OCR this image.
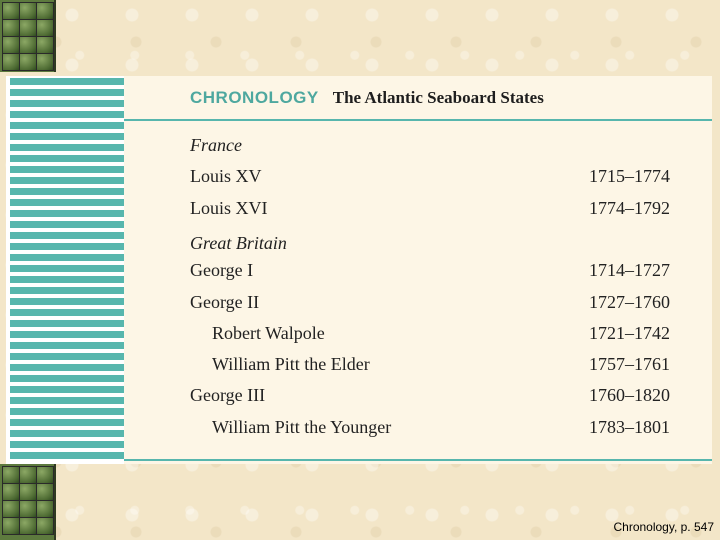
CHRONOLOGY The Atlantic Seaboard States
France
Louis XV	1715–1774
Louis XVI	1774–1792
Great Britain
George I	1714–1727
George II	1727–1760
Robert Walpole	1721–1742
William Pitt the Elder	1757–1761
George III	1760–1820
William Pitt the Younger	1783–1801
Chronology, p. 547
